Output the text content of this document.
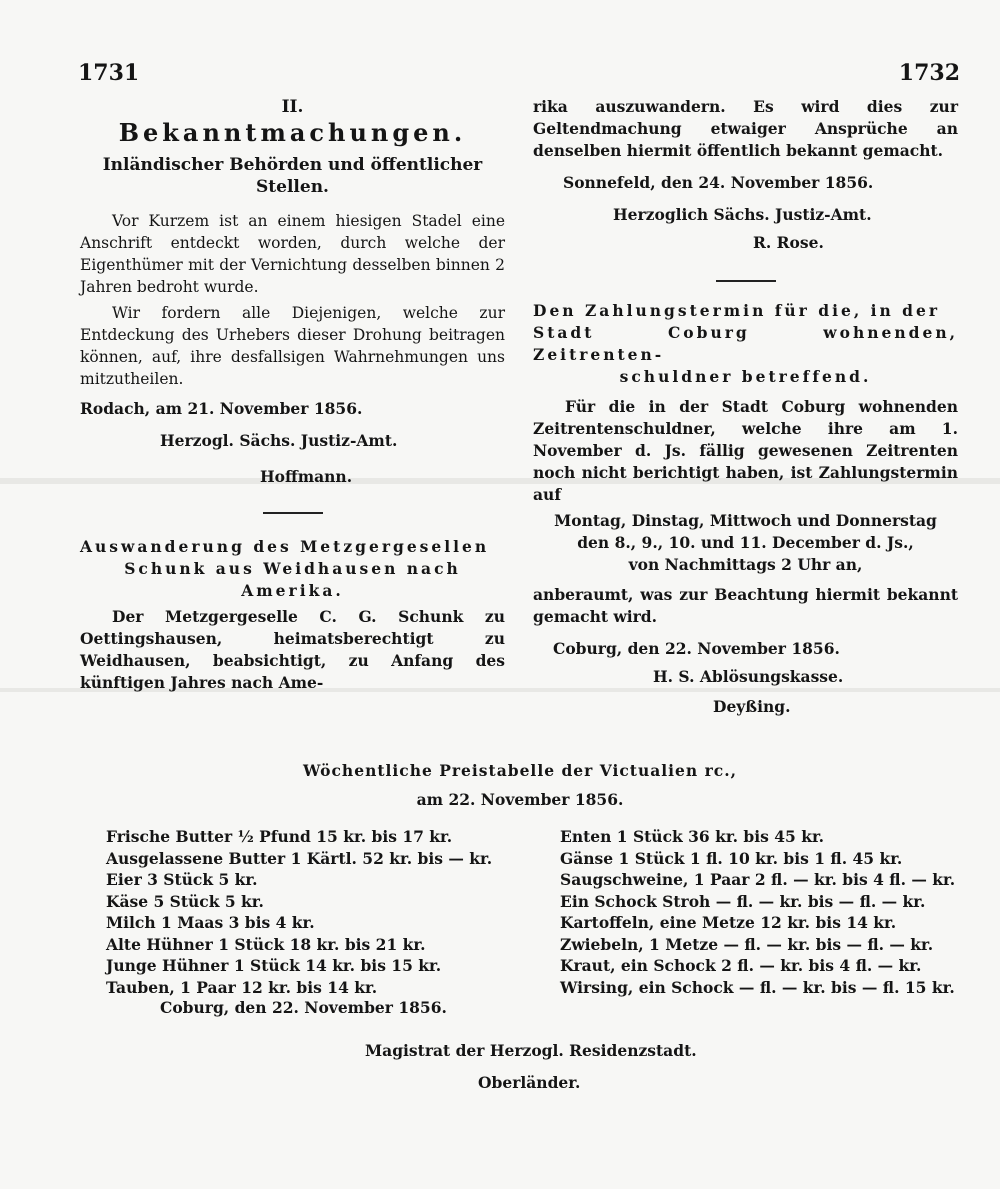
1731	1732
II.
Bekanntmachungen.
Inländischer Behörden und öffentlicher Stellen.
Vor Kurzem ist an einem hiesigen Stadel eine Anschrift entdeckt worden, durch welche der Eigenthümer mit der Vernichtung desselben binnen 2 Jahren bedroht wurde.
Wir fordern alle Diejenigen, welche zur Entdeckung des Urhebers dieser Drohung beitragen können, auf, ihre desfallsigen Wahrnehmungen uns mitzutheilen.
Rodach, am 21. November 1856.
Herzogl. Sächs. Justiz-Amt.
Hoffmann.
Auswanderung des Metzgergesellen
Schunk aus Weidhausen nach
Amerika.
Der Metzgergeselle C. G. Schunk zu Oettingshausen, heimatsberechtigt zu Weidhausen, beabsichtigt, zu Anfang des künftigen Jahres nach Ame-
rika auszuwandern. Es wird dies zur Geltendmachung etwaiger Ansprüche an denselben hiermit öffentlich bekannt gemacht.
Sonnefeld, den 24. November 1856.
Herzoglich Sächs. Justiz-Amt.
R. Rose.
Den Zahlungstermin für die, in der
Stadt Coburg wohnenden, Zeitrenten-
schuldner betreffend.
Für die in der Stadt Coburg wohnenden Zeitrentenschuldner, welche ihre am 1. November d. Js. fällig gewesenen Zeitrenten noch nicht berichtigt haben, ist Zahlungstermin auf
Montag, Dinstag, Mittwoch und Donnerstag
den 8., 9., 10. und 11. December d. Js.,
von Nachmittags 2 Uhr an,
anberaumt, was zur Beachtung hiermit bekannt gemacht wird.
Coburg, den 22. November 1856.
H. S. Ablösungskasse.
Deyßing.
Wöchentliche Preistabelle der Victualien rc.,
am 22. November 1856.
Frische Butter ½ Pfund 15 kr. bis 17 kr.
Ausgelassene Butter 1 Kärtl. 52 kr. bis — kr.
Eier 3 Stück 5 kr.
Käse 5 Stück 5 kr.
Milch 1 Maas 3 bis 4 kr.
Alte Hühner 1 Stück 18 kr. bis 21 kr.
Junge Hühner 1 Stück 14 kr. bis 15 kr.
Tauben, 1 Paar 12 kr. bis 14 kr.
Enten 1 Stück 36 kr. bis 45 kr.
Gänse 1 Stück 1 fl. 10 kr. bis 1 fl. 45 kr.
Saugschweine, 1 Paar 2 fl. — kr. bis 4 fl. — kr.
Ein Schock Stroh — fl. — kr. bis — fl. — kr.
Kartoffeln, eine Metze 12 kr. bis 14 kr.
Zwiebeln, 1 Metze — fl. — kr. bis — fl. — kr.
Kraut, ein Schock 2 fl. — kr. bis 4 fl. — kr.
Wirsing, ein Schock — fl. — kr. bis — fl. 15 kr.
Coburg, den 22. November 1856.
Magistrat der Herzogl. Residenzstadt.
Oberländer.
